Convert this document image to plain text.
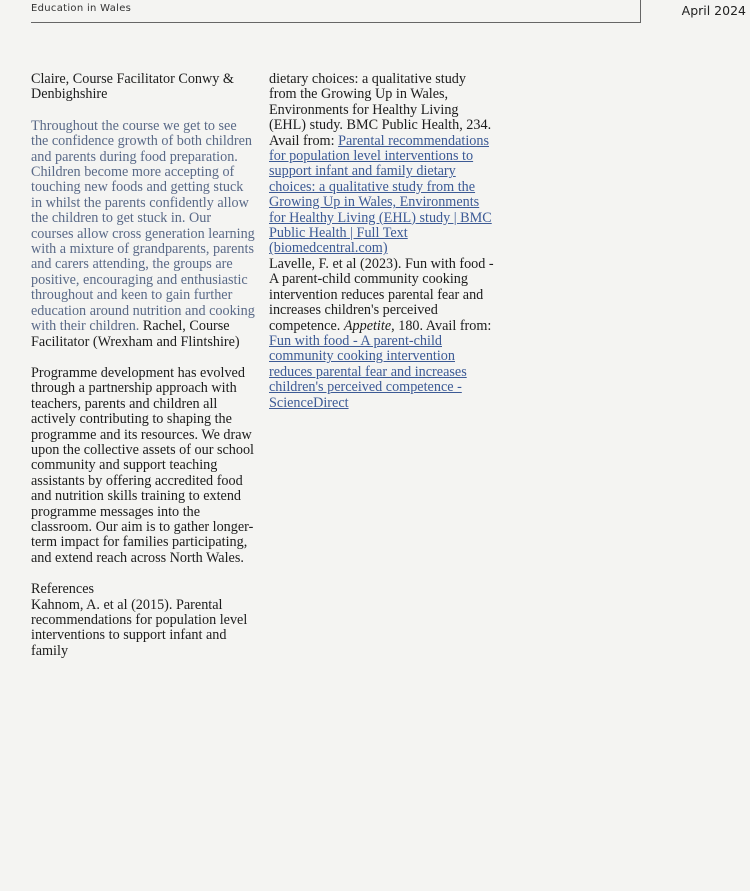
Education in Wales	April 2024

Claire, Course Facilitator Conwy & Denbighshire

Throughout the course we get to see the confidence growth of both children and parents during food preparation. Children become more accepting of touching new foods and getting stuck in whilst the parents confidently allow the children to get stuck in. Our courses allow cross generation learning with a mixture of grandparents, parents and carers attending, the groups are positive, encouraging and enthusiastic throughout and keen to gain further education around nutrition and cooking with their children. Rachel, Course Facilitator (Wrexham and Flintshire)

Programme development has evolved through a partnership approach with teachers, parents and children all actively contributing to shaping the programme and its resources. We draw upon the collective assets of our school community and support teaching assistants by offering accredited food and nutrition skills training to extend programme messages into the classroom. Our aim is to gather longer-term impact for families participating, and extend reach across North Wales.

References

Kahnom, A. et al (2015). Parental recommendations for population level interventions to support infant and family

dietary choices: a qualitative study from the Growing Up in Wales, Environments for Healthy Living (EHL) study. BMC Public Health, 234. Avail from: Parental recommendations for population level interventions to support infant and family dietary choices: a qualitative study from the Growing Up in Wales, Environments for Healthy Living (EHL) study | BMC Public Health | Full Text (biomedcentral.com)

Lavelle, F. et al (2023). Fun with food - A parent-child community cooking intervention reduces parental fear and increases children's perceived competence. Appetite, 180. Avail from: Fun with food - A parent-child community cooking intervention reduces parental fear and increases children's perceived competence - ScienceDirect
